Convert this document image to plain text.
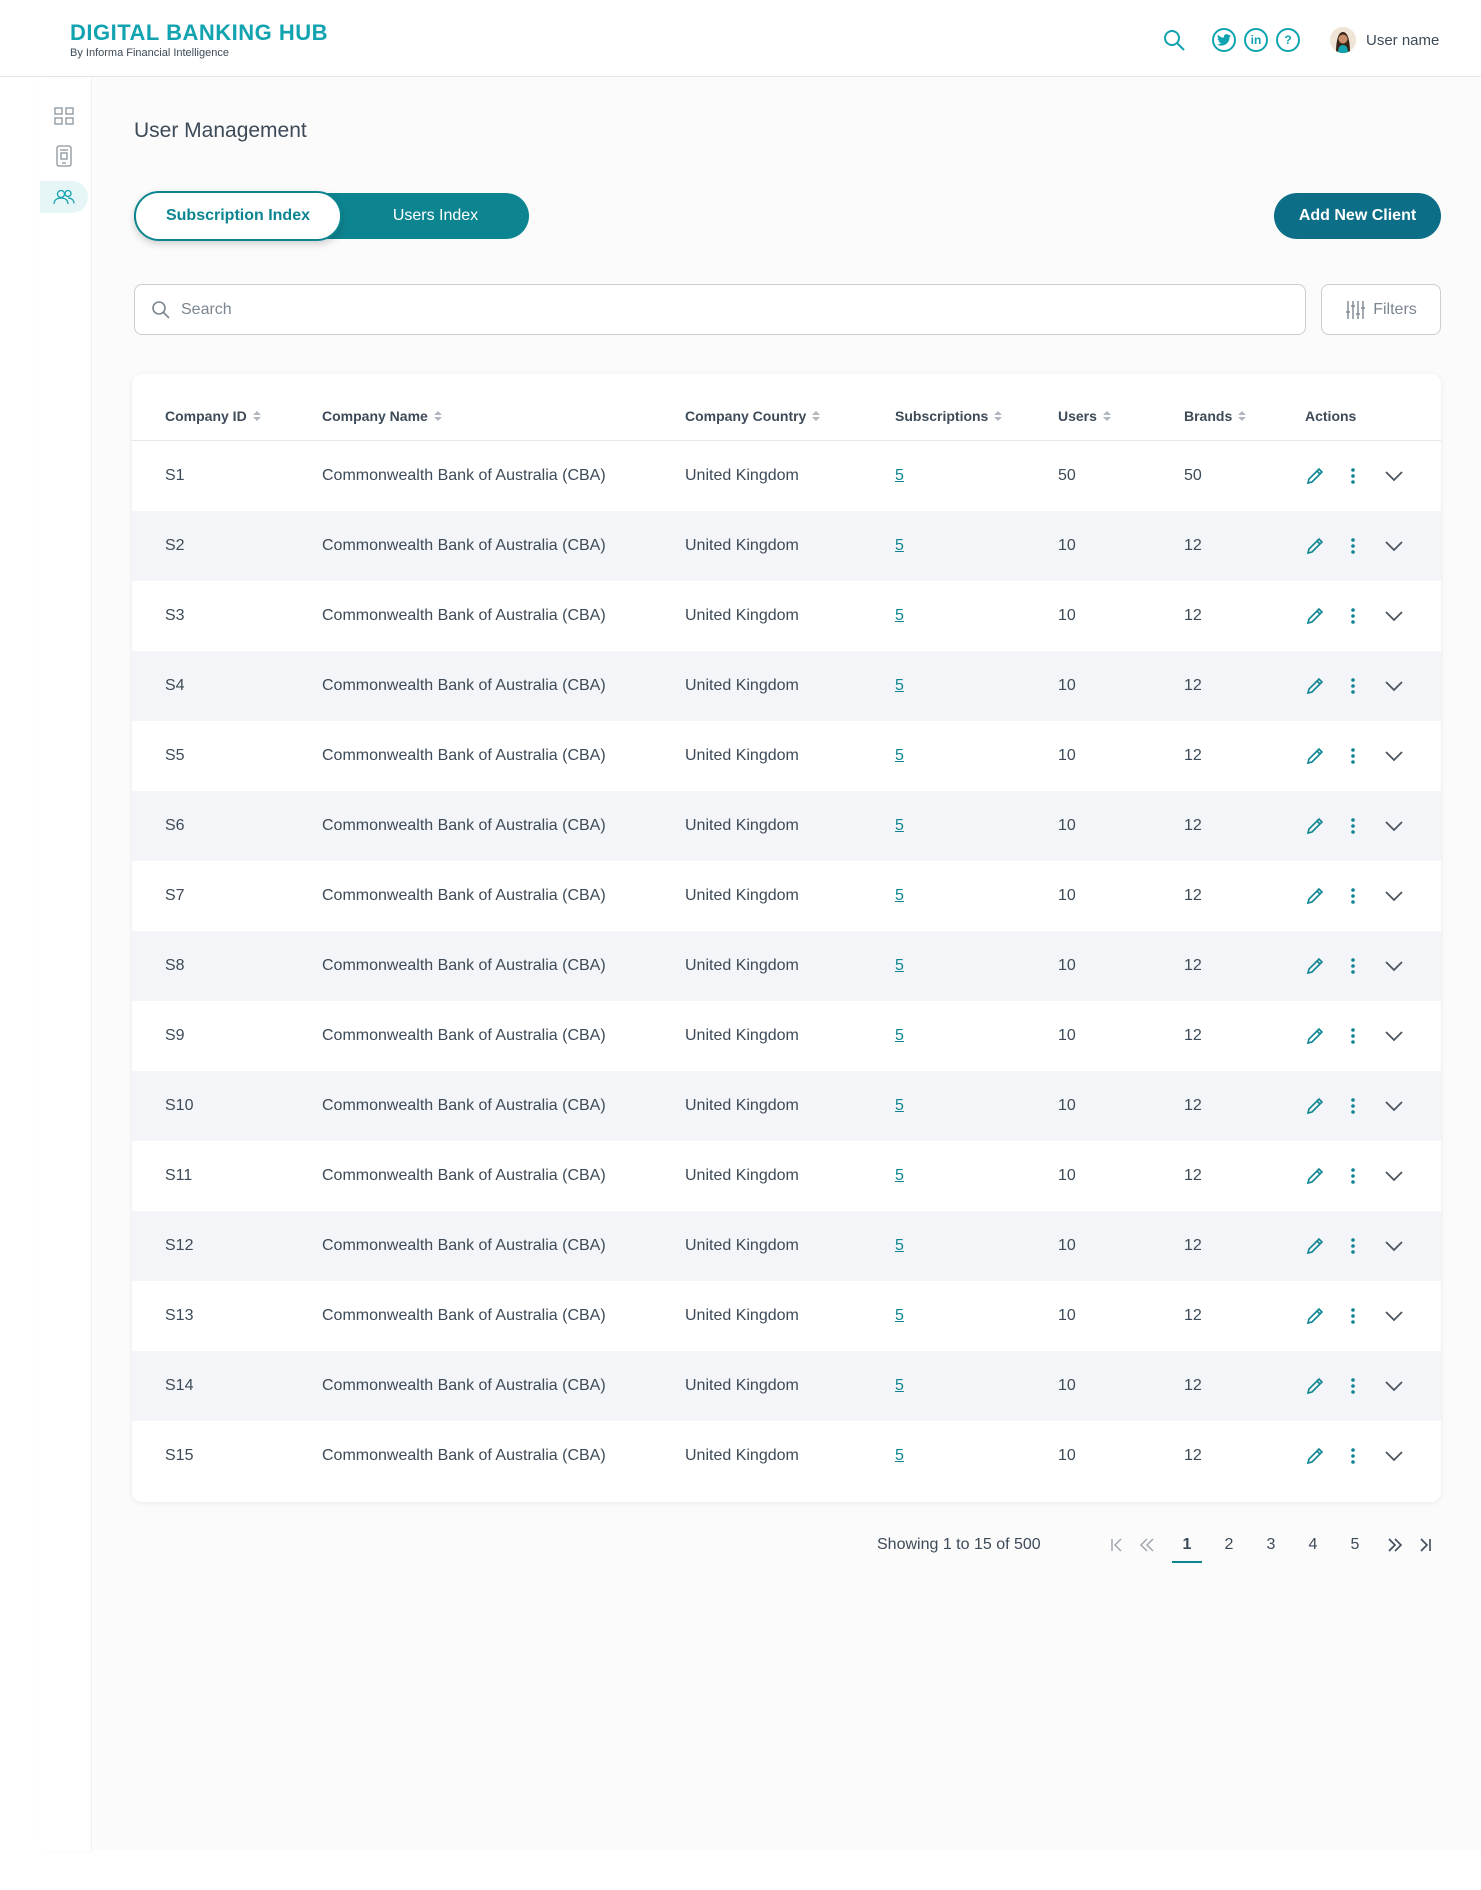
DIGITAL BANKING HUB
By Informa Financial Intelligence
in	?	User name
User Management
Subscription Index	Users Index	Add New Client
Search
Filters
Company ID	Company Name	Company Country	Subscriptions	Users	Brands	Actions
S1	Commonwealth Bank of Australia (CBA)	United Kingdom	5	50	50
S2	Commonwealth Bank of Australia (CBA)	United Kingdom	5	10	12
S3	Commonwealth Bank of Australia (CBA)	United Kingdom	5	10	12
S4	Commonwealth Bank of Australia (CBA)	United Kingdom	5	10	12
S5	Commonwealth Bank of Australia (CBA)	United Kingdom	5	10	12
S6	Commonwealth Bank of Australia (CBA)	United Kingdom	5	10	12
S7	Commonwealth Bank of Australia (CBA)	United Kingdom	5	10	12
S8	Commonwealth Bank of Australia (CBA)	United Kingdom	5	10	12
S9	Commonwealth Bank of Australia (CBA)	United Kingdom	5	10	12
S10	Commonwealth Bank of Australia (CBA)	United Kingdom	5	10	12
S11	Commonwealth Bank of Australia (CBA)	United Kingdom	5	10	12
S12	Commonwealth Bank of Australia (CBA)	United Kingdom	5	10	12
S13	Commonwealth Bank of Australia (CBA)	United Kingdom	5	10	12
S14	Commonwealth Bank of Australia (CBA)	United Kingdom	5	10	12
S15	Commonwealth Bank of Australia (CBA)	United Kingdom	5	10	12
Showing 1 to 15 of 500	1	2	3	4	5
